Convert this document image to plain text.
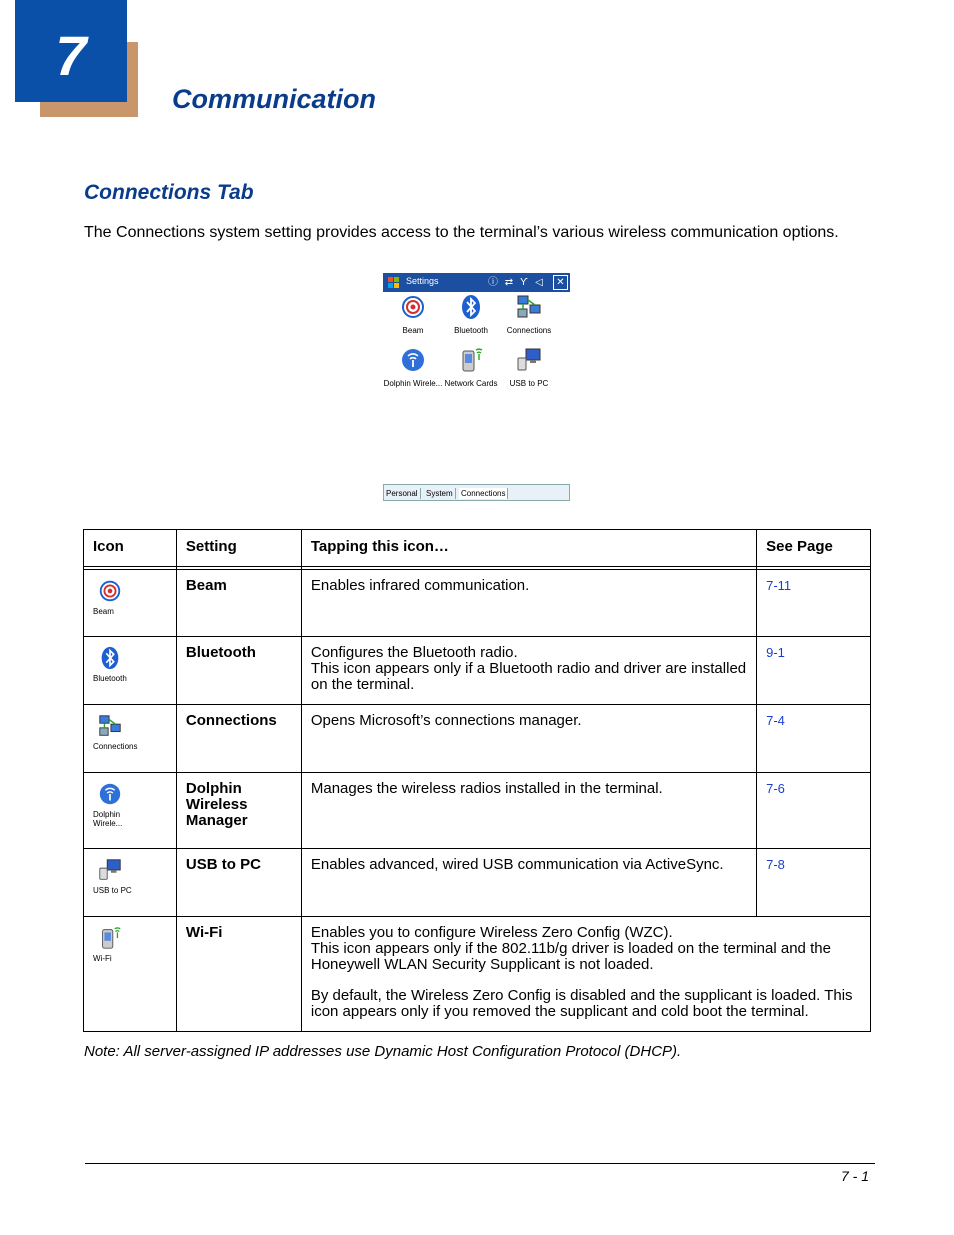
7
Communication
Connections Tab
The Connections system setting provides access to the terminal’s various wireless communication options.
Settings	ⓘ ⇄ Ƴ ◁	✕
Beam	Bluetooth	Connections
Dolphin Wirele... Network Cards	USB to PC
Personal	System	Connections
Icon	Setting	Tapping this icon…	See Page

Beam	Beam	Enables infrared communication.	7-11

Bluetooth	Bluetooth	Configures the Bluetooth radio.
This icon appears only if a Bluetooth radio and driver are installed on the terminal.	9-1

Connections	Connections	Opens Microsoft’s connections manager.	7-4

Dolphin Wirele...	Dolphin Wireless Manager	Manages the wireless radios installed in the terminal.	7-6

USB to PC	USB to PC	Enables advanced, wired USB communication via ActiveSync.	7-8

Wi-Fi	Wi-Fi	Enables you to configure Wireless Zero Config (WZC).
This icon appears only if the 802.11b/g driver is loaded on the terminal and the Honeywell WLAN Security Supplicant is not loaded.
By default, the Wireless Zero Config is disabled and the supplicant is loaded. This icon appears only if you removed the supplicant and cold boot the terminal.	
Note: All server-assigned IP addresses use Dynamic Host Configuration Protocol (DHCP).
7 - 1
